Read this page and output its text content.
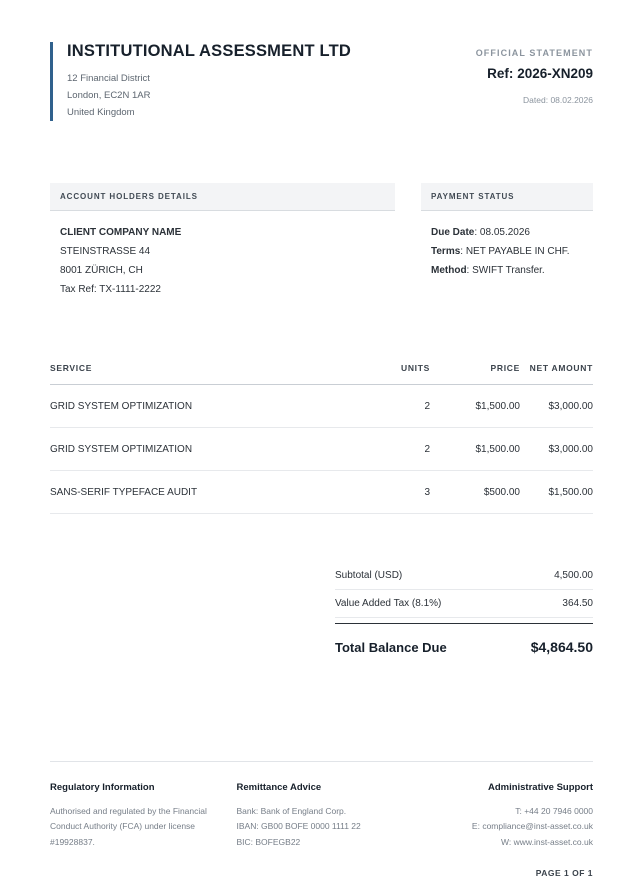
INSTITUTIONAL ASSESSMENT LTD
12 Financial District
London, EC2N 1AR
United Kingdom
OFFICIAL STATEMENT
Ref: 2026-XN209
Dated: 08.02.2026
ACCOUNT HOLDERS DETAILS
CLIENT COMPANY NAME
STEINSTRASSE 44
8001 ZÜRICH, CH
Tax Ref: TX-1111-2222
PAYMENT STATUS
Due Date: 08.05.2026
Terms: NET PAYABLE IN CHF.
Method: SWIFT Transfer.
SERVICE	UNITS	PRICE	NET AMOUNT
GRID SYSTEM OPTIMIZATION	2	$1,500.00	$3,000.00
GRID SYSTEM OPTIMIZATION	2	$1,500.00	$3,000.00
SANS-SERIF TYPEFACE AUDIT	3	$500.00	$1,500.00
Subtotal (USD)	4,500.00
Value Added Tax (8.1%)	364.50
Total Balance Due	$4,864.50
Regulatory Information
Authorised and regulated by the Financial
Conduct Authority (FCA) under license
#19928837.
Remittance Advice
Bank: Bank of England Corp.
IBAN: GB00 BOFE 0000 1111 22
BIC: BOFEGB22
Administrative Support
T: +44 20 7946 0000
E: compliance@inst-asset.co.uk
W: www.inst-asset.co.uk
PAGE 1 OF 1
